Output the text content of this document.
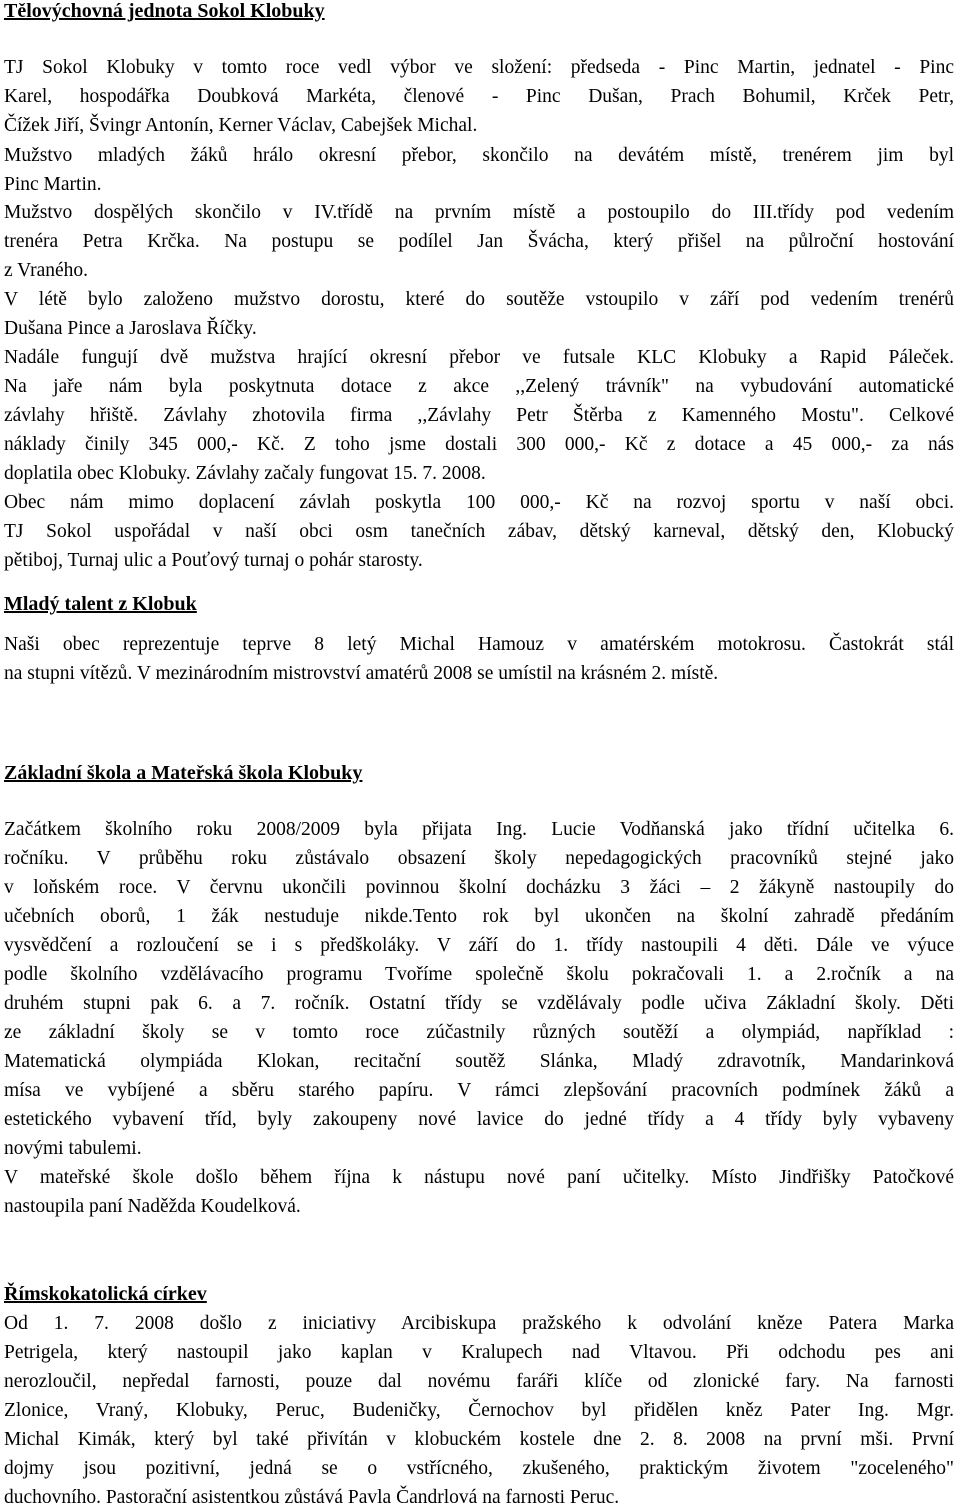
Tělovýchovná jednota Sokol Klobuky
TJ Sokol Klobuky v tomto roce vedl výbor ve složení: předseda - Pinc Martin, jednatel - Pinc
Karel, hospodářka Doubková Markéta, členové - Pinc Dušan, Prach Bohumil, Krček Petr,
Čížek Jiří, Švingr Antonín, Kerner Václav, Cabejšek Michal.
Mužstvo mladých žáků hrálo okresní přebor, skončilo na devátém místě, trenérem jim byl
Pinc Martin.
Mužstvo dospělých skončilo v IV.třídě na prvním místě a postoupilo do III.třídy pod vedením
trenéra Petra Krčka. Na postupu se podílel Jan Švácha, který přišel na půlroční hostování
z Vraného.
V létě bylo založeno mužstvo dorostu, které do soutěže vstoupilo v září pod vedením trenérů
Dušana Pince a Jaroslava Říčky.
Nadále fungují dvě mužstva hrající okresní přebor ve futsale KLC Klobuky a Rapid Páleček.
Na jaře nám byla poskytnuta dotace z akce ,,Zelený trávník" na vybudování automatické
závlahy hřiště. Závlahy zhotovila firma ,,Závlahy Petr Štěrba z Kamenného Mostu". Celkové
náklady činily 345 000,- Kč. Z toho jsme dostali 300 000,- Kč z dotace a 45 000,- za nás
doplatila obec Klobuky. Závlahy začaly fungovat 15. 7. 2008.
Obec nám mimo doplacení závlah poskytla 100 000,- Kč na rozvoj sportu v naší obci.
TJ Sokol uspořádal v naší obci osm tanečních zábav, dětský karneval, dětský den, Klobucký
pětiboj, Turnaj ulic a Pouťový turnaj o pohár starosty.
Mladý talent z Klobuk
Naši obec reprezentuje teprve 8 letý Michal Hamouz v amatérském motokrosu. Častokrát stál
na stupni vítězů. V mezinárodním mistrovství amatérů 2008 se umístil na krásném 2. místě.
Základní škola a Mateřská škola Klobuky
Začátkem školního roku 2008/2009 byla přijata Ing. Lucie Vodňanská jako třídní učitelka 6.
ročníku. V průběhu roku zůstávalo obsazení školy nepedagogických pracovníků stejné jako
v loňském roce. V červnu ukončili povinnou školní docházku 3 žáci – 2 žákyně nastoupily do
učebních oborů, 1 žák nestuduje nikde.Tento rok byl ukončen na školní zahradě předáním
vysvědčení a rozloučení se i s předškoláky. V září do 1. třídy nastoupili 4 děti. Dále ve výuce
podle školního vzdělávacího programu Tvoříme společně školu pokračovali 1. a 2.ročník a na
druhém stupni pak 6. a 7. ročník. Ostatní třídy se vzdělávaly podle učiva Základní školy. Děti
ze základní školy se v tomto roce zúčastnily různých soutěží a olympiád, například :
Matematická olympiáda Klokan, recitační soutěž Slánka, Mladý zdravotník, Mandarinková
mísa ve vybíjené a sběru starého papíru. V rámci zlepšování pracovních podmínek žáků a
estetického vybavení tříd, byly zakoupeny nové lavice do jedné třídy a 4 třídy byly vybaveny
novými tabulemi.
V mateřské škole došlo během října k nástupu nové paní učitelky. Místo Jindřišky Patočkové
nastoupila paní Naděžda Koudelková.
Římskokatolická církev
Od 1. 7. 2008 došlo z iniciativy Arcibiskupa pražského k odvolání kněze Patera Marka
Petrigela, který nastoupil jako kaplan v Kralupech nad Vltavou. Při odchodu pes ani
nerozloučil, nepředal farnosti, pouze dal novému faráři klíče od zlonické fary. Na farnosti
Zlonice, Vraný, Klobuky, Peruc, Budeničky, Černochov byl přidělen kněz Pater Ing. Mgr.
Michal Kimák, který byl také přivítán v klobuckém kostele dne 2. 8. 2008 na první mši. První
dojmy jsou pozitivní, jedná se o vstřícného, zkušeného, praktickým životem "zoceleného"
duchovního. Pastorační asistentkou zůstává Pavla Čandrlová na farnosti Peruc.
